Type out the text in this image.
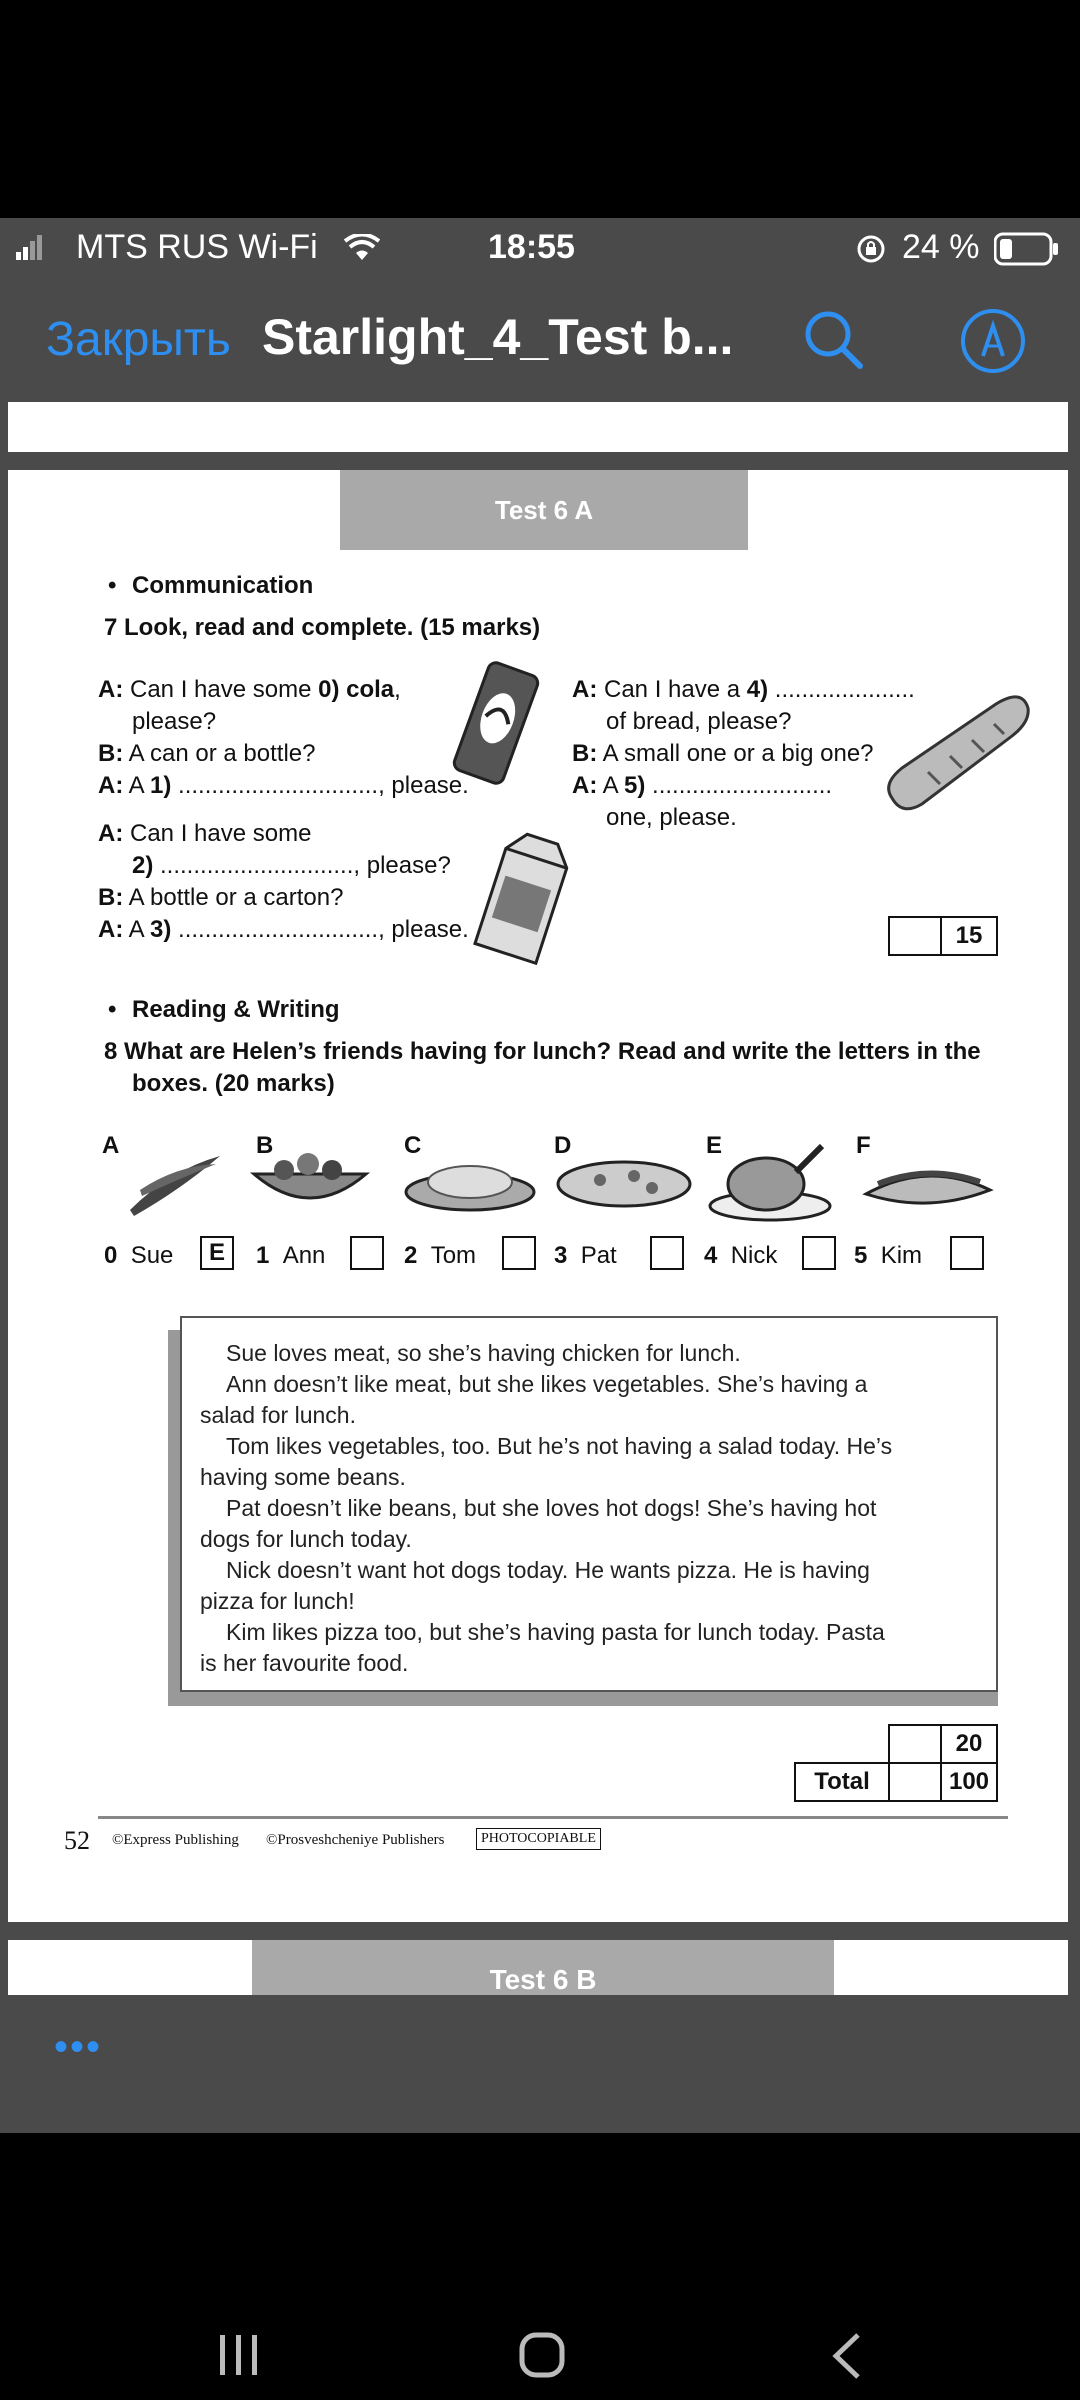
MTS RUS Wi-Fi	18:55	24 %
Закрыть Starlight_4_Test b...
Test 6 A
• Communication
7 Look, read and complete. (15 marks)
A: Can I have some 0) cola,
please?
B: A can or a bottle?
A: A 1) .............................., please.
A: Can I have a 4) .....................
of bread, please?
B: A small one or a big one?
A: A 5) ...........................
one, please.
A: Can I have some
2) ............................., please?
B: A bottle or a carton?
A: A 3) .............................., please.	15
• Reading & Writing
8 What are Helen’s friends having for lunch? Read and write the letters in the
boxes. (20 marks)
A	B	C	D	E	F
0 Sue	E	1 Ann	2 Tom	3 Pat	4 Nick	5 Kim
Sue loves meat, so she’s having chicken for lunch.
Ann doesn’t like meat, but she likes vegetables. She’s having a
salad for lunch.
Tom likes vegetables, too. But he’s not having a salad today. He’s
having some beans.
Pat doesn’t like beans, but she loves hot dogs! She’s having hot
dogs for lunch today.
Nick doesn’t want hot dogs today. He wants pizza. He is having
pizza for lunch!
Kim likes pizza too, but she’s having pasta for lunch today. Pasta
is her favourite food.
20
Total	100
52 ©Express Publishing ©Prosveshcheniye Publishers	PHOTOCOPIABLE
Test 6 B
•••
